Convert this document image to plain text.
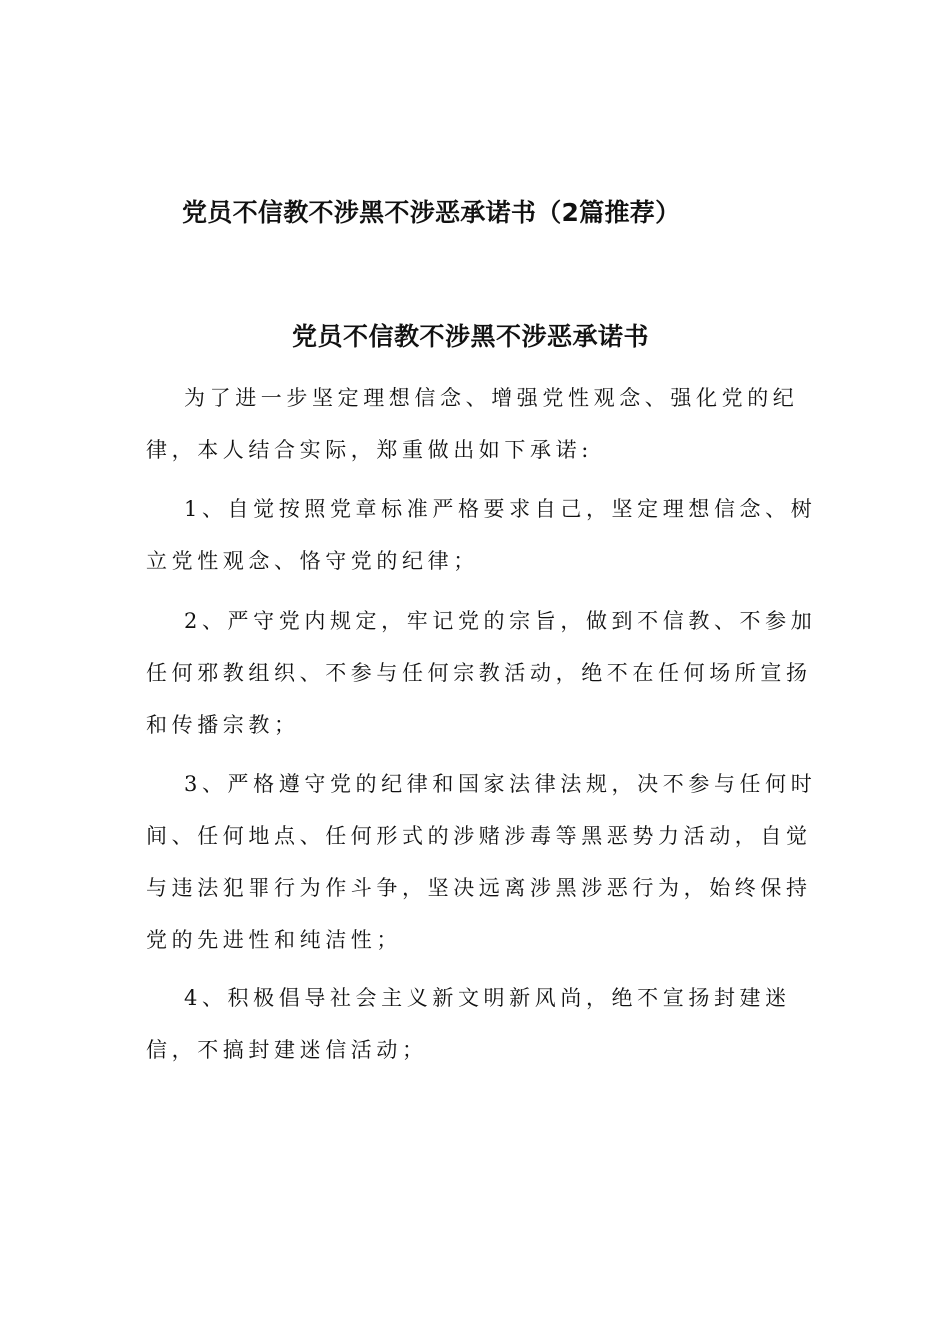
党员不信教不涉黑不涉恶承诺书（2篇推荐）
党员不信教不涉黑不涉恶承诺书

为了进一步坚定理想信念、增强党性观念、强化党的纪律，本人结合实际，郑重做出如下承诺:

1、自觉按照党章标准严格要求自己，坚定理想信念、树立党性观念、恪守党的纪律；

2、严守党内规定，牢记党的宗旨，做到不信教、不参加任何邪教组织、不参与任何宗教活动，绝不在任何场所宣扬和传播宗教；

3、严格遵守党的纪律和国家法律法规，决不参与任何时间、任何地点、任何形式的涉赌涉毒等黑恶势力活动，自觉与违法犯罪行为作斗争，坚决远离涉黑涉恶行为，始终保持党的先进性和纯洁性；

4、积极倡导社会主义新文明新风尚，绝不宣扬封建迷信，不搞封建迷信活动；
